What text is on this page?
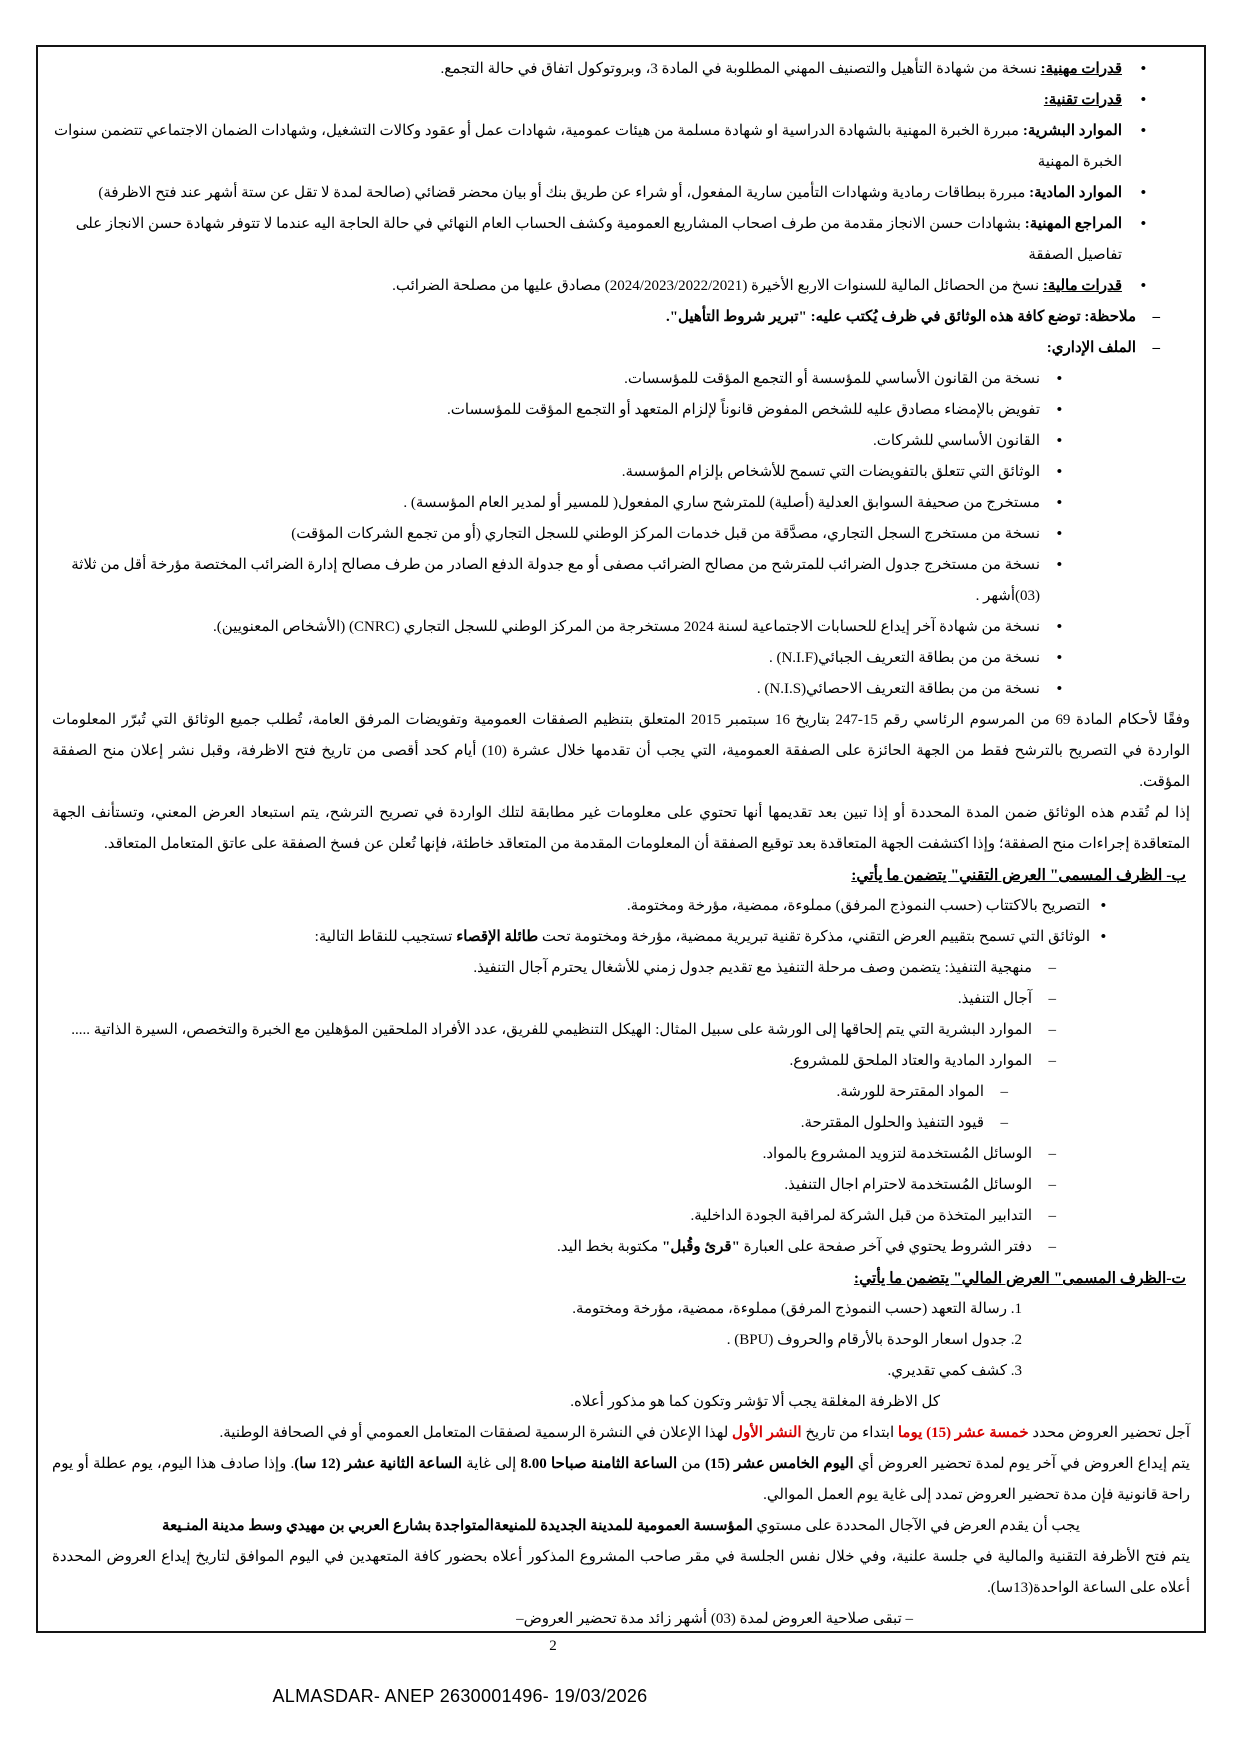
• قدرات مهنية: نسخة من شهادة التأهيل والتصنيف المهني المطلوبة في المادة 3، وبروتوكول اتفاق في حالة التجمع.
• قدرات تقنية:
• الموارد البشرية: مبررة الخبرة المهنية بالشهادة الدراسية او شهادة مسلمة من هيئات عمومية، شهادات عمل أو عقود وكالات التشغيل، وشهادات الضمان الاجتماعي تتضمن سنوات الخبرة المهنية
• الموارد المادية: مبررة ببطاقات رمادية وشهادات التأمين سارية المفعول، أو شراء عن طريق بنك أو بيان محضر قضائي (صالحة لمدة لا تقل عن ستة أشهر عند فتح الاظرفة)
• المراجع المهنية: بشهادات حسن الانجاز مقدمة من طرف اصحاب المشاريع العمومية وكشف الحساب العام النهائي في حالة الحاجة اليه عندما لا تتوفر شهادة حسن الانجاز على تفاصيل الصفقة
• قدرات مالية: نسخ من الحصائل المالية للسنوات الاربع الأخيرة (2024/2023/2022/2021) مصادق عليها من مصلحة الضرائب.
– ملاحظة: توضع كافة هذه الوثائق في ظرف يُكتب عليه: "تبرير شروط التأهيل".
– الملف الإداري:
• نسخة من القانون الأساسي للمؤسسة أو التجمع المؤقت للمؤسسات.
• تفويض بالإمضاء مصادق عليه للشخص المفوض قانوناً لإلزام المتعهد أو التجمع المؤقت للمؤسسات.
• القانون الأساسي للشركات.
• الوثائق التي تتعلق بالتفويضات التي تسمح للأشخاص بإلزام المؤسسة.
• مستخرج من صحيفة السوابق العدلية (أصلية) للمترشح ساري المفعول( للمسير أو لمدير العام المؤسسة) .
• نسخة من مستخرج السجل التجاري، مصدَّقة من قبل خدمات المركز الوطني للسجل التجاري (أو من تجمع الشركات المؤقت)
• نسخة من مستخرج جدول الضرائب للمترشح من مصالح الضرائب مصفى أو مع جدولة الدفع الصادر من طرف مصالح إدارة الضرائب المختصة مؤرخة أقل من ثلاثة (03)أشهر .
• نسخة من شهادة آخر إيداع للحسابات الاجتماعية لسنة 2024 مستخرجة من المركز الوطني للسجل التجاري (CNRC) (الأشخاص المعنويين).
• نسخة من من بطاقة التعريف الجبائي(N.I.F) .
• نسخة من من بطاقة التعريف الاحصائي(N.I.S) .

وفقًا لأحكام المادة 69 من المرسوم الرئاسي رقم 15-247 بتاريخ 16 سبتمبر 2015 المتعلق بتنظيم الصفقات العمومية وتفويضات المرفق العامة، تُطلب جميع الوثائق التي تُبرّر المعلومات الواردة في التصريح بالترشح فقط من الجهة الحائزة على الصفقة العمومية، التي يجب أن تقدمها خلال عشرة (10) أيام كحد أقصى من تاريخ فتح الاظرفة، وقبل نشر إعلان منح الصفقة المؤقت.

إذا لم تُقدم هذه الوثائق ضمن المدة المحددة أو إذا تبين بعد تقديمها أنها تحتوي على معلومات غير مطابقة لتلك الواردة في تصريح الترشح، يتم استبعاد العرض المعني، وتستأنف الجهة المتعاقدة إجراءات منح الصفقة؛ وإذا اكتشفت الجهة المتعاقدة بعد توقيع الصفقة أن المعلومات المقدمة من المتعاقد خاطئة، فإنها تُعلن عن فسخ الصفقة على عاتق المتعامل المتعاقد.

ب- الظرف المسمى" العرض التقني" يتضمن ما يأتي:
• التصريح بالاكتتاب (حسب النموذج المرفق) مملوءة، ممضية، مؤرخة ومختومة.
• الوثائق التي تسمح بتقييم العرض التقني، مذكرة تقنية تبريرية ممضية، مؤرخة ومختومة تحت طائلة الإقصاء تستجيب للنقاط التالية:
– منهجية التنفيذ: يتضمن وصف مرحلة التنفيذ مع تقديم جدول زمني للأشغال يحترم آجال التنفيذ.
– آجال التنفيذ.
– الموارد البشرية التي يتم إلحاقها إلى الورشة على سبيل المثال: الهيكل التنظيمي للفريق، عدد الأفراد الملحقين المؤهلين مع الخبرة والتخصص، السيرة الذاتية .....
– الموارد المادية والعتاد الملحق للمشروع.
– المواد المقترحة للورشة.
– قيود التنفيذ والحلول المقترحة.
– الوسائل المُستخدمة لتزويد المشروع بالمواد.
– الوسائل المُستخدمة لاحترام اجال التنفيذ.
– التدابير المتخذة من قبل الشركة لمراقبة الجودة الداخلية.
– دفتر الشروط يحتوي في آخر صفحة على العبارة "قرئ وقُبل" مكتوبة بخط اليد.
ت-الظرف المسمى" العرض المالي" يتضمن ما يأتي:
1. رسالة التعهد (حسب النموذج المرفق) مملوءة، ممضية، مؤرخة ومختومة.
2. جدول اسعار الوحدة بالأرقام والحروف (BPU) .
3. كشف كمي تقديري.
كل الاظرفة المغلقة يجب ألا تؤشر وتكون كما هو مذكور أعلاه.
آجل تحضير العروض محدد خمسة عشر (15) يوما ابتداء من تاريخ النشر الأول لهذا الإعلان في النشرة الرسمية لصفقات المتعامل العمومي أو في الصحافة الوطنية.

يتم إيداع العروض في آخر يوم لمدة تحضير العروض أي اليوم الخامس عشر (15) من الساعة الثامنة صباحا 8.00 إلى غاية الساعة الثانية عشر (12 سا). وإذا صادف هذا اليوم، يوم عطلة أو يوم راحة قانونية فإن مدة تحضير العروض تمدد إلى غاية يوم العمل الموالي.

يجب أن يقدم العرض في الآجال المحددة على مستوي المؤسسة العمومية للمدينة الجديدة للمنيعةالمتواجدة بشارع العربي بن مهيدي وسط مدينة المنـيعة

يتم فتح الأظرفة التقنية والمالية في جلسة علنية، وفي خلال نفس الجلسة في مقر صاحب المشروع المذكور أعلاه بحضور كافة المتعهدين في اليوم الموافق لتاريخ إيداع العروض المحددة أعلاه على الساعة الواحدة(13سا).

– تبقى صلاحية العروض لمدة (03) أشهر زائد مدة تحضير العروض–
2
ALMASDAR- ANEP 2630001496- 19/03/2026
